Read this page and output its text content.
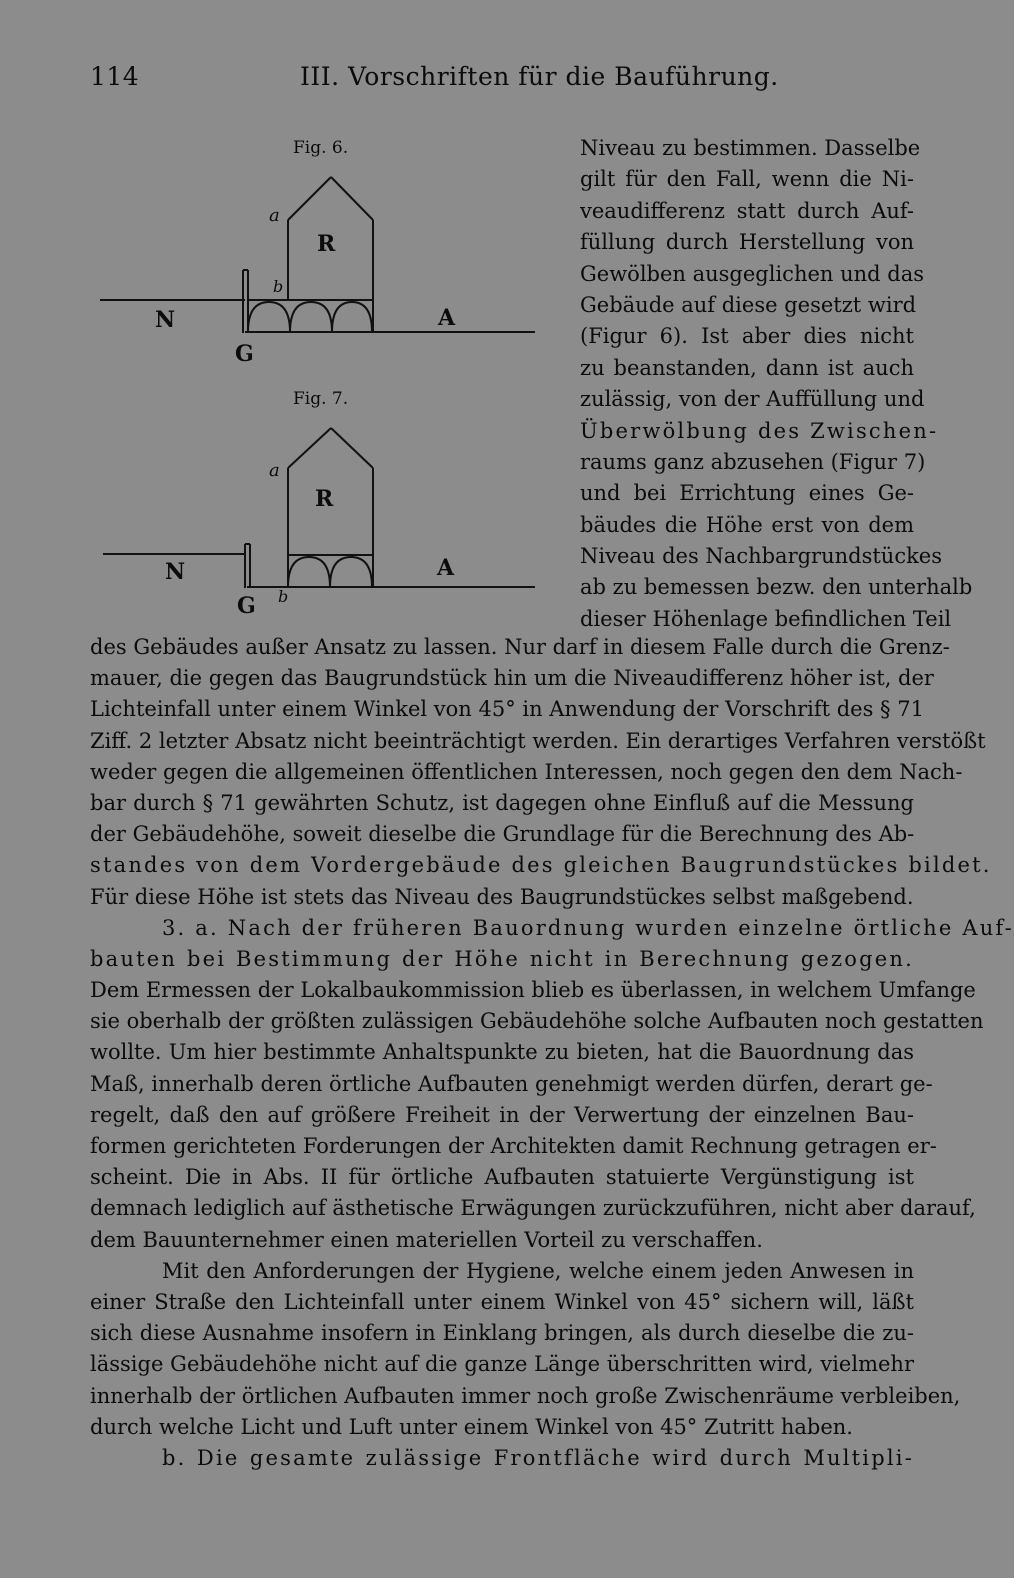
114	III. Vorschriften für die Bauführung.
Fig. 6.
a
R
b
N	A
G
Fig. 7.
a
R
b
N	A
G
Niveau zu bestimmen. Dasselbe
gilt für den Fall, wenn die Ni-
veaudifferenz statt durch Auf-
füllung durch Herstellung von
Gewölben ausgeglichen und das
Gebäude auf diese gesetzt wird
(Figur 6). Ist aber dies nicht
zu beanstanden, dann ist auch
zulässig, von der Auffüllung und
Überwölbung des Zwischen-
raums ganz abzusehen (Figur 7)
und bei Errichtung eines Ge-
bäudes die Höhe erst von dem
Niveau des Nachbargrundstückes
ab zu bemessen bezw. den unterhalb
dieser Höhenlage befindlichen Teil
des Gebäudes außer Ansatz zu lassen. Nur darf in diesem Falle durch die Grenz-
mauer, die gegen das Baugrundstück hin um die Niveaudifferenz höher ist, der
Lichteinfall unter einem Winkel von 45° in Anwendung der Vorschrift des § 71
Ziff. 2 letzter Absatz nicht beeinträchtigt werden. Ein derartiges Verfahren verstößt
weder gegen die allgemeinen öffentlichen Interessen, noch gegen den dem Nach-
bar durch § 71 gewährten Schutz, ist dagegen ohne Einfluß auf die Messung
der Gebäudehöhe, soweit dieselbe die Grundlage für die Berechnung des Ab-
standes von dem Vordergebäude des gleichen Baugrundstückes bildet.
Für diese Höhe ist stets das Niveau des Baugrundstückes selbst maßgebend.
3. a. Nach der früheren Bauordnung wurden einzelne örtliche Auf-
bauten bei Bestimmung der Höhe nicht in Berechnung gezogen.
Dem Ermessen der Lokalbaukommission blieb es überlassen, in welchem Umfange
sie oberhalb der größten zulässigen Gebäudehöhe solche Aufbauten noch gestatten
wollte. Um hier bestimmte Anhaltspunkte zu bieten, hat die Bauordnung das
Maß, innerhalb deren örtliche Aufbauten genehmigt werden dürfen, derart ge-
regelt, daß den auf größere Freiheit in der Verwertung der einzelnen Bau-
formen gerichteten Forderungen der Architekten damit Rechnung getragen er-
scheint. Die in Abs. II für örtliche Aufbauten statuierte Vergünstigung ist
demnach lediglich auf ästhetische Erwägungen zurückzuführen, nicht aber darauf,
dem Bauunternehmer einen materiellen Vorteil zu verschaffen.
Mit den Anforderungen der Hygiene, welche einem jeden Anwesen in
einer Straße den Lichteinfall unter einem Winkel von 45° sichern will, läßt
sich diese Ausnahme insofern in Einklang bringen, als durch dieselbe die zu-
lässige Gebäudehöhe nicht auf die ganze Länge überschritten wird, vielmehr
innerhalb der örtlichen Aufbauten immer noch große Zwischenräume verbleiben,
durch welche Licht und Luft unter einem Winkel von 45° Zutritt haben.
b. Die gesamte zulässige Frontfläche wird durch Multipli-
